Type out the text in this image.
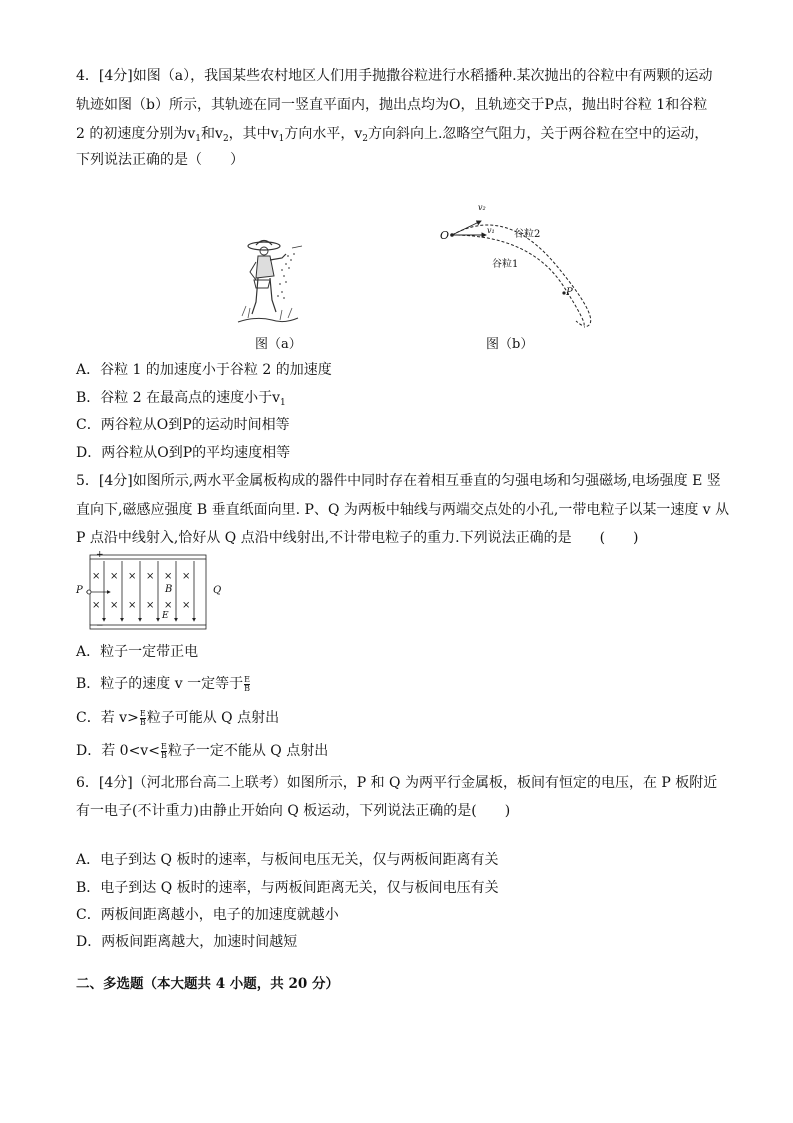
4．[4分]如图（a），我国某些农村地区人们用手抛撒谷粒进行水稻播种.某次抛出的谷粒中有两颗的运动
轨迹如图（b）所示，其轨迹在同一竖直平面内，抛出点均为O，且轨迹交于P点，抛出时谷粒 1和谷粒
2 的初速度分别为$v_1$和$v_2$，其中$v_1$方向水平，$v_2$方向斜向上.忽略空气阻力，关于两谷粒在空中的运动，
下列说法正确的是（　　）
图（a）
O
v₂
v₁ 谷粒2
谷粒1
P
图（b）
A．谷粒 1 的加速度小于谷粒 2 的加速度
B．谷粒 2 在最高点的速度小于$v_1$
C．两谷粒从O到P的运动时间相等
D．两谷粒从O到P的平均速度相等
5．[4分]如图所示,两水平金属板构成的器件中同时存在着相互垂直的匀强电场和匀强磁场,电场强度 E 竖
直向下,磁感应强度 B 垂直纸面向里. P、Q 为两板中轴线与两端交点处的小孔,一带电粒子以某一速度 v 从
P 点沿中线射入,恰好从 Q 点沿中线射出,不计带电粒子的重力.下列说法正确的是　　(　　)
+
−
× × × × × ×
× × × × × ×
P	Q
B
E
A．粒子一定带正电
B．粒子的速度 v 一定等于 $\frac{E}{B}$
C．若 $v> \frac{E}{B}$ 粒子可能从 Q 点射出
D．若 $0<v< \frac{E}{B}$ 粒子一定不能从 Q 点射出
6．[4分]（河北邢台高二上联考）如图所示，P 和 Q 为两平行金属板，板间有恒定的电压，在 P 板附近
有一电子(不计重力)由静止开始向 Q 板运动，下列说法正确的是(　　)
A．电子到达 Q 板时的速率，与板间电压无关，仅与两板间距离有关
B．电子到达 Q 板时的速率，与两板间距离无关，仅与板间电压有关
C．两板间距离越小，电子的加速度就越小
D．两板间距离越大，加速时间越短
二、多选题（本大题共 4 小题，共 20 分）
